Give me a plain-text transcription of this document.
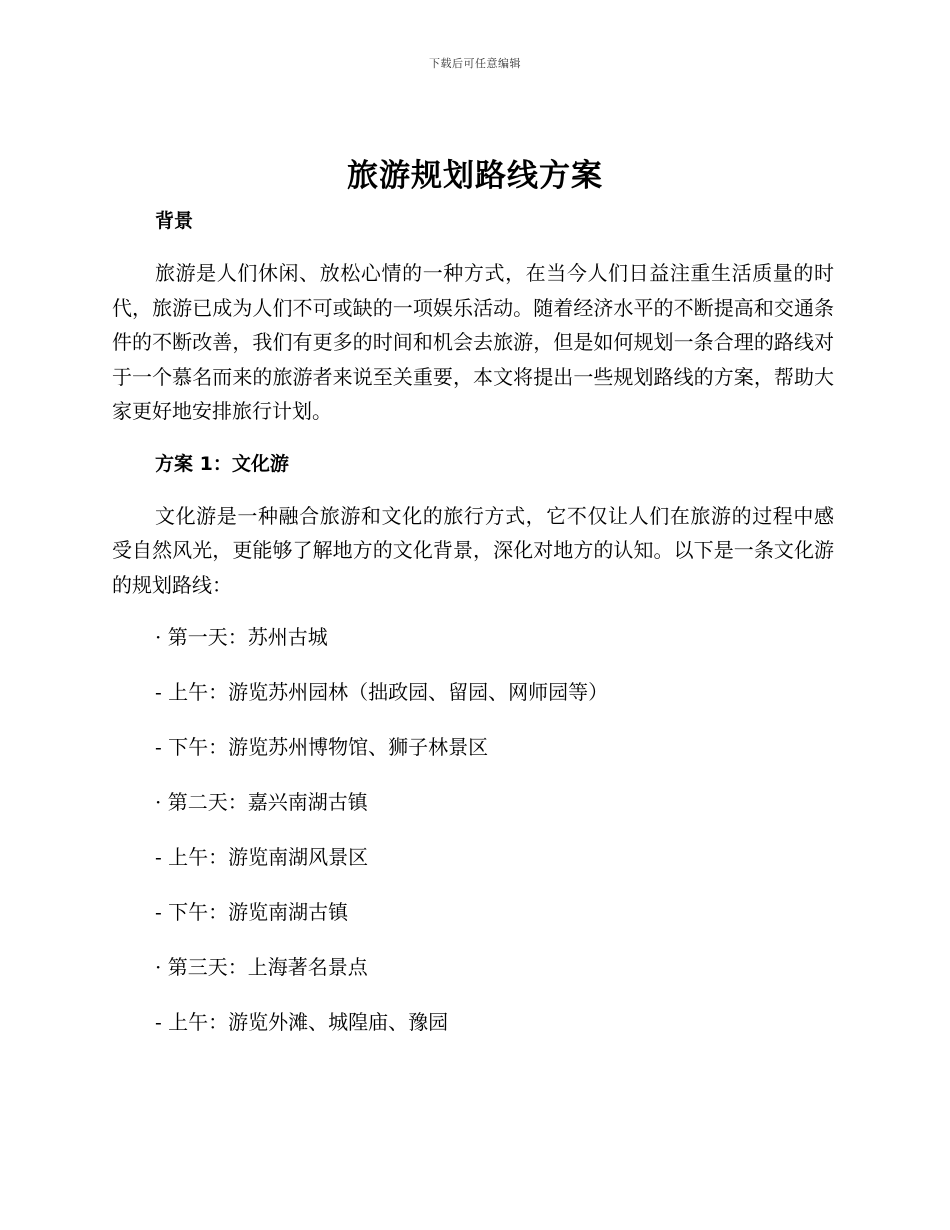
下载后可任意编辑
旅游规划路线方案
背景

旅游是人们休闲、放松心情的一种方式，在当今人们日益注重生活质量的时代，旅游已成为人们不可或缺的一项娱乐活动。随着经济水平的不断提高和交通条件的不断改善，我们有更多的时间和机会去旅游，但是如何规划一条合理的路线对于一个慕名而来的旅游者来说至关重要，本文将提出一些规划路线的方案，帮助大家更好地安排旅行计划。

方案 1：文化游

文化游是一种融合旅游和文化的旅行方式，它不仅让人们在旅游的过程中感受自然风光，更能够了解地方的文化背景，深化对地方的认知。以下是一条文化游的规划路线：

· 第一天：苏州古城

- 上午：游览苏州园林（拙政园、留园、网师园等）

- 下午：游览苏州博物馆、狮子林景区

· 第二天：嘉兴南湖古镇

- 上午：游览南湖风景区

- 下午：游览南湖古镇

· 第三天：上海著名景点

- 上午：游览外滩、城隍庙、豫园
